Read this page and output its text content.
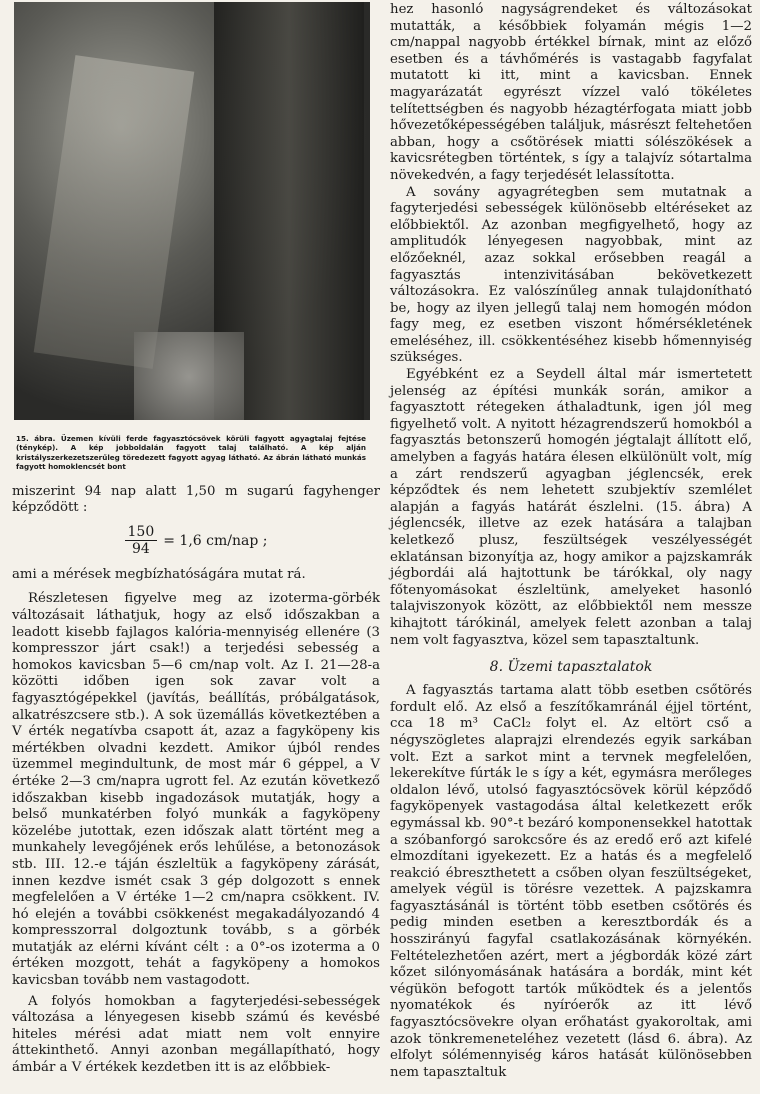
15. ábra. Üzemen kívüli ferde fagyasztócsövek körüli fagyott agyagtalaj fejtése (ténykép). A kép jobboldalán fagyott talaj található. A kép alján kristályszerkezetszerűleg töredezett fagyott agyag látható. Az ábrán látható munkás fagyott homoklencsét bont

miszerint 94 nap alatt 1,50 m sugarú fagyhenger képződött :

$\frac{150}{94} = 1,6$ cm/nap ;

ami a mérések megbízhatóságára mutat rá.

Részletesen figyelve meg az izoterma-görbék változásait láthatjuk, hogy az első időszakban a leadott kisebb fajlagos kalória-mennyiség ellenére (3 kompresszor járt csak!) a terjedési sebesség a homokos kavicsban 5—6 cm/nap volt. Az I. 21—28-a közötti időben igen sok zavar volt a fagyasztógépekkel (javítás, beállítás, próbálgatások, alkatrészcsere stb.). A sok üzemállás következtében a V érték negatívba csapott át, azaz a fagyköpeny kis mértékben olvadni kezdett. Amikor újból rendes üzemmel megindultunk, de most már 6 géppel, a V értéke 2—3 cm/napra ugrott fel. Az ezután következő időszakban kisebb ingadozások mutatják, hogy a belső munkatérben folyó munkák a fagyköpeny közelébe jutottak, ezen időszak alatt történt meg a munkahely levegőjének erős lehűlése, a betonozások stb. III. 12.-e táján észleltük a fagyköpeny zárását, innen kezdve ismét csak 3 gép dolgozott s ennek megfelelően a V értéke 1—2 cm/napra csökkent. IV. hó elején a további csökkenést megakadályozandó 4 kompresszorral dolgoztunk tovább, s a görbék mutatják az elérni kívánt célt : a 0°-os izoterma a 0 értéken mozgott, tehát a fagyköpeny a homokos kavicsban tovább nem vastagodott.

A folyós homokban a fagyterjedési-sebességek változása a lényegesen kisebb számú és kevésbé hiteles mérési adat miatt nem volt ennyire áttekinthető. Annyi azonban megállapítható, hogy ámbár a V értékek kezdetben itt is az előbbiek-

hez hasonló nagyságrendeket és változásokat mutatták, a későbbiek folyamán mégis 1—2 cm/nappal nagyobb értékkel bírnak, mint az előző esetben és a távhőmérés is vastagabb fagyfalat mutatott ki itt, mint a kavicsban. Ennek magyarázatát egyrészt vízzel való tökéletes telítettségben és nagyobb hézagtérfogata miatt jobb hővezetőképességében találjuk, másrészt feltehetően abban, hogy a csőtörések miatti sólészökések a kavicsrétegben történtek, s így a talajvíz sótartalma növekedvén, a fagy terjedését lelassította.

A sovány agyagrétegben sem mutatnak a fagyterjedési sebességek különösebb eltéréseket az előbbiektől. Az azonban megfigyelhető, hogy az amplitudók lényegesen nagyobbak, mint az előzőeknél, azaz sokkal erősebben reagál a fagyasztás intenzivitásában bekövetkezett változásokra. Ez valószínűleg annak tulajdonítható be, hogy az ilyen jellegű talaj nem homogén módon fagy meg, ez esetben viszont hőmérsékletének emeléséhez, ill. csökkentéséhez kisebb hőmennyiség szükséges.

Egyébként ez a Seydell által már ismertetett jelenség az építési munkák során, amikor a fagyasztott rétegeken áthaladtunk, igen jól meg figyelhető volt. A nyitott hézagrendszerű homokból a fagyasztás betonszerű homogén jégtalajt állított elő, amelyben a fagyás határa élesen elkülönült volt, míg a zárt rendszerű agyagban jéglencsék, erek képződtek és nem lehetett szubjektív szemlélet alapján a fagyás határát észlelni. (15. ábra) A jéglencsék, illetve az ezek hatására a talajban keletkező plusz, feszültségek veszélyességét eklatánsan bizonyítja az, hogy amikor a pajzskamrák jégbordái alá hajtottunk be tárókkal, oly nagy főtenyomásokat észleltünk, amelyeket hasonló talajviszonyok között, az előbbiektől nem messze kihajtott tárókinál, amelyek felett azonban a talaj nem volt fagyasztva, közel sem tapasztaltunk.

8. Üzemi tapasztalatok

A fagyasztás tartama alatt több esetben csőtörés fordult elő. Az első a feszítőkamránál éjjel történt, cca 18 m³ CaCl₂ folyt el. Az eltört cső a négyszögletes alaprajzi elrendezés egyik sarkában volt. Ezt a sarkot mint a tervnek megfelelően, lekerekítve fúrták le s így a két, egymásra merőleges oldalon lévő, utolsó fagyasztócsövek körül képződő fagyköpenyek vastagodása által keletkezett erők egymással kb. 90°-t bezáró komponensekkel hatottak a szóbanforgó sarokcsőre és az eredő erő azt kifelé elmozdítani igyekezett. Ez a hatás és a megfelelő reakció ébreszthetett a csőben olyan feszültségeket, amelyek végül is törésre vezettek. A pajzskamra fagyasztásánál is történt több esetben csőtörés és pedig minden esetben a keresztbordák és a hosszirányú fagyfal csatlakozásának környékén. Feltételezhetően azért, mert a jégbordák közé zárt kőzet silónyomásának hatására a bordák, mint két végükön befogott tartók működtek és a jelentős nyomatékok és nyíróerők az itt lévő fagyasztócsövekre olyan erőhatást gyakoroltak, ami azok tönkremeneteléhez vezetett (lásd 6. ábra). Az elfolyt sólémennyiség káros hatását különösebben nem tapasztaltuk
